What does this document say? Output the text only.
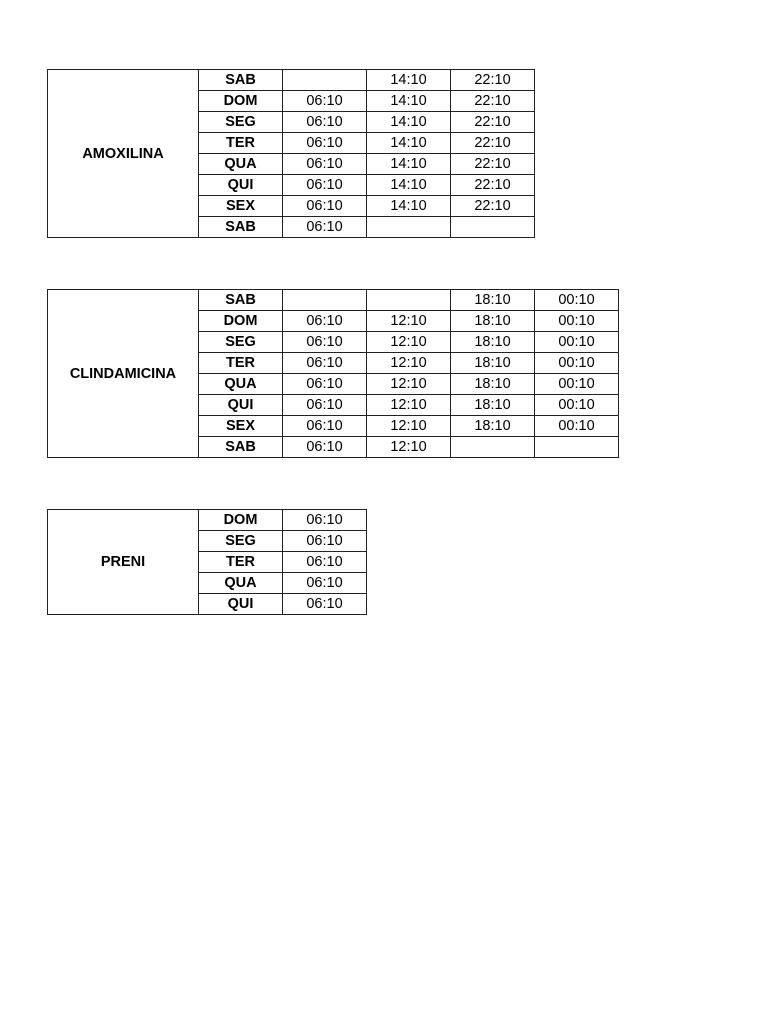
AMOXILINA	SAB		14:10	22:10
	DOM	06:10	14:10	22:10
	SEG	06:10	14:10	22:10
	TER	06:10	14:10	22:10
	QUA	06:10	14:10	22:10
	QUI	06:10	14:10	22:10
	SEX	06:10	14:10	22:10
	SAB	06:10		
CLINDAMICINA	SAB			18:10	00:10
	DOM	06:10	12:10	18:10	00:10
	SEG	06:10	12:10	18:10	00:10
	TER	06:10	12:10	18:10	00:10
	QUA	06:10	12:10	18:10	00:10
	QUI	06:10	12:10	18:10	00:10
	SEX	06:10	12:10	18:10	00:10
	SAB	06:10	12:10		
PRENI	DOM	06:10
	SEG	06:10
	TER	06:10
	QUA	06:10
	QUI	06:10
